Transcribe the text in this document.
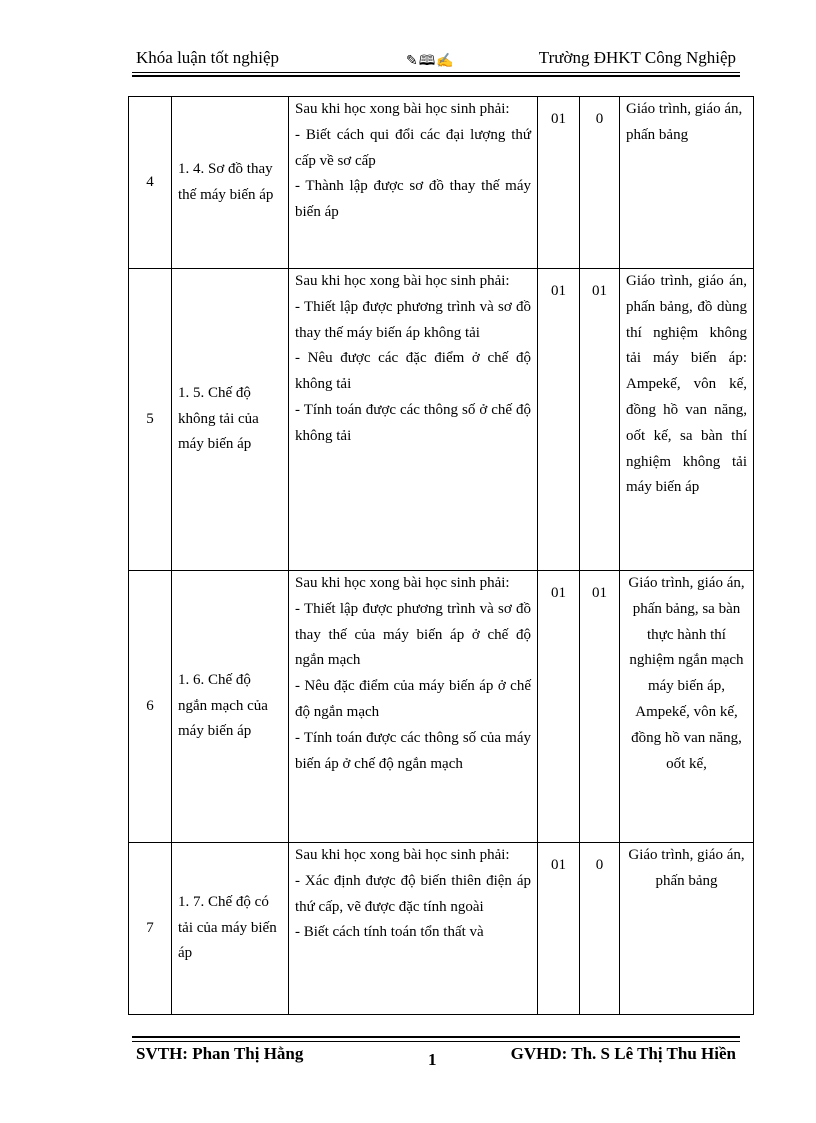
Khóa luận tốt nghiệp	✎🕮✍	Trường ĐHKT Công Nghiệp
4	1. 4. Sơ đồ thay thế máy biến áp	Sau khi học xong bài học sinh phải:
- Biết cách qui đổi các đại lượng thứ cấp về sơ cấp
- Thành lập được sơ đồ thay thế máy biến áp	01	0	Giáo trình, giáo án, phấn bảng
5	1. 5. Chế độ không tải của máy biến áp	Sau khi học xong bài học sinh phải:
- Thiết lập được phương trình và sơ đồ thay thế máy biến áp không tải
- Nêu được các đặc điểm ở chế độ không tải
- Tính toán được các thông số ở chế độ không tải	01	01	Giáo trình, giáo án, phấn bảng, đồ dùng thí nghiệm không tải máy biến áp: Ampekế, vôn kế, đồng hồ van năng, oốt kế, sa bàn thí nghiệm không tải máy biến áp
6	1. 6. Chế độ ngắn mạch của máy biến áp	Sau khi học xong bài học sinh phải:
- Thiết lập được phương trình và sơ đồ thay thế của máy biến áp ở chế độ ngắn mạch
- Nêu đặc điểm của máy biến áp ở chế độ ngắn mạch
- Tính toán được các thông số của máy biến áp ở chế độ ngắn mạch	01	01	Giáo trình, giáo án, phấn bảng, sa bàn thực hành thí nghiệm ngắn mạch máy biến áp, Ampekế, vôn kế, đồng hồ van năng, oốt kế,
7	1. 7. Chế độ có tải của máy biến áp	Sau khi học xong bài học sinh phải:
- Xác định được độ biến thiên điện áp thứ cấp, vẽ được đặc tính ngoài
- Biết cách tính toán tổn thất và	01	0	Giáo trình, giáo án, phấn bảng
SVTH: Phan Thị Hằng	1	GVHD: Th. S Lê Thị Thu Hiền
